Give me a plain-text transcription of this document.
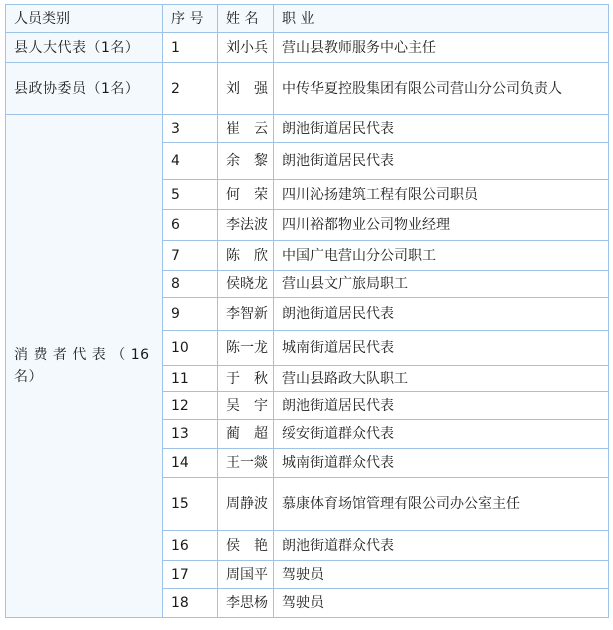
人员类别	序 号	姓 名	职 业
县人大代表（1名）	1	刘小兵	营山县教师服务中心主任
县政协委员（1名）	2	刘　强	中传华夏控股集团有限公司营山分公司负责人
消 费 者 代 表 （ 16 名）	3	崔　云	朗池街道居民代表
	4	余　黎	朗池街道居民代表
	5	何　荣	四川沁扬建筑工程有限公司职员
	6	李法波	四川裕都物业公司物业经理
	7	陈　欣	中国广电营山分公司职工
	8	侯晓龙	营山县文广旅局职工
	9	李智新	朗池街道居民代表
	10	陈一龙	城南街道居民代表
	11	于　秋	营山县路政大队职工
	12	吴　宇	朗池街道居民代表
	13	蔺　超	绥安街道群众代表
	14	王一燚	城南街道群众代表
	15	周静波	慕康体育场馆管理有限公司办公室主任
	16	侯　艳	朗池街道群众代表
	17	周国平	驾驶员
	18	李思杨	驾驶员
